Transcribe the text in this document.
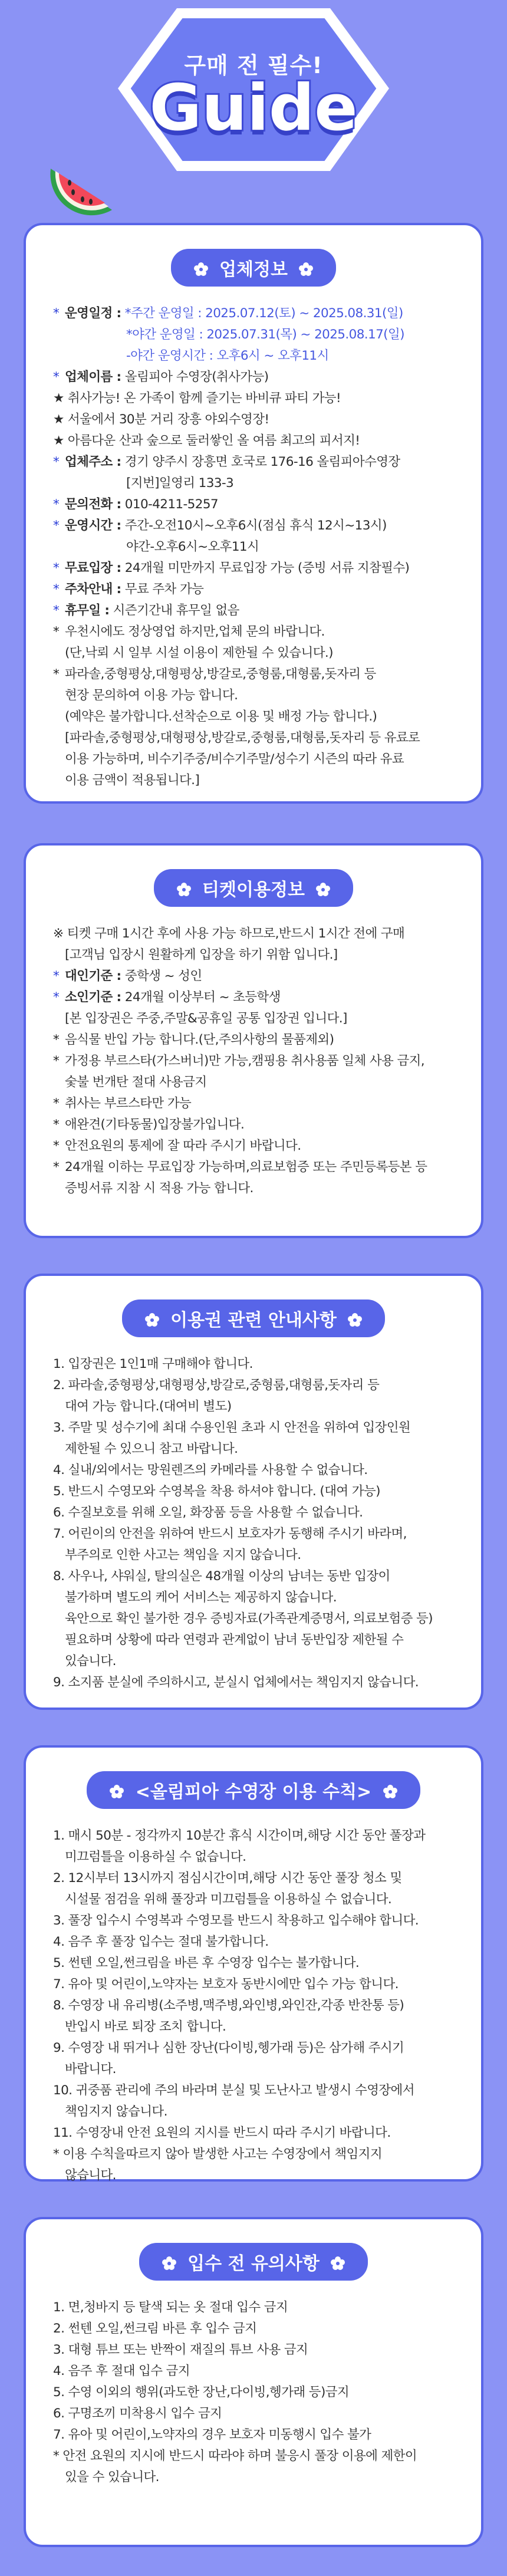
구매 전 필수!
Guide
업체정보
* 운영일정 : *주간 운영일 : 2025.07.12(토) ~ 2025.08.31(일)
*야간 운영일 : 2025.07.31(목) ~ 2025.08.17(일)
-야간 운영시간 : 오후6시 ~ 오후11시
* 업체이름 : 올림피아 수영장(취사가능)
★ 취사가능! 온 가족이 함께 즐기는 바비큐 파티 가능!
★ 서울에서 30분 거리 장흥 야외수영장!
★ 아름다운 산과 숲으로 둘러쌓인 올 여름 최고의 피서지!
* 업체주소 : 경기 양주시 장흥면 호국로 176-16 올림피아수영장
[지번]일영리 133-3
* 문의전화 : 010-4211-5257
* 운영시간 : 주간-오전10시~오후6시(점심 휴식 12시~13시)
야간-오후6시~오후11시
* 무료입장 : 24개월 미만까지 무료입장 가능 (증빙 서류 지참필수)
* 주차안내 : 무료 주차 가능
* 휴무일 : 시즌기간내 휴무일 없음
* 우천시에도 정상영업 하지만,업체 문의 바랍니다.
(단,낙뢰 시 일부 시설 이용이 제한될 수 있습니다.)
* 파라솔,중형평상,대형평상,방갈로,중형룸,대형룸,돗자리 등
현장 문의하여 이용 가능 합니다.
(예약은 불가합니다.선착순으로 이용 및 배정 가능 합니다.)
[파라솔,중형평상,대형평상,방갈로,중형룸,대형룸,돗자리 등 유료로
이용 가능하며, 비수기주중/비수기주말/성수기 시즌의 따라 유료
이용 금액이 적용됩니다.]
티켓이용정보
※ 티켓 구매 1시간 후에 사용 가능 하므로,반드시 1시간 전에 구매
[고객님 입장시 원활하게 입장을 하기 위함 입니다.]
* 대인기준 : 중학생 ~ 성인
* 소인기준 : 24개월 이상부터 ~ 초등학생
[본 입장권은 주중,주말&공휴일 공통 입장권 입니다.]
* 음식물 반입 가능 합니다.(단,주의사항의 물품제외)
* 가정용 부르스타(가스버너)만 가능,캠핑용 취사용품 일체 사용 금지,
숯불 번개탄 절대 사용금지
* 취사는 부르스타만 가능
* 애완견(기타동물)입장불가입니다.
* 안전요원의 통제에 잘 따라 주시기 바랍니다.
* 24개월 이하는 무료입장 가능하며,의료보험증 또는 주민등록등본 등
증빙서류 지참 시 적용 가능 합니다.
이용권 관련 안내사항
1. 입장권은 1인1매 구매해야 합니다.
2. 파라솔,중형평상,대형평상,방갈로,중형룸,대형룸,돗자리 등
대여 가능 합니다.(대여비 별도)
3. 주말 및 성수기에 최대 수용인원 초과 시 안전을 위하여 입장인원
제한될 수 있으니 참고 바랍니다.
4. 실내/외에서는 망원렌즈의 카메라를 사용할 수 없습니다.
5. 반드시 수영모와 수영복을 착용 하셔야 합니다. (대여 가능)
6. 수질보호를 위해 오일, 화장품 등을 사용할 수 없습니다.
7. 어린이의 안전을 위하여 반드시 보호자가 동행해 주시기 바라며,
부주의로 인한 사고는 책임을 지지 않습니다.
8. 사우나, 샤워실, 탈의실은 48개월 이상의 남녀는 동반 입장이
불가하며 별도의 케어 서비스는 제공하지 않습니다.
육안으로 확인 불가한 경우 증빙자료(가족관계증명서, 의료보험증 등)
필요하며 상황에 따라 연령과 관계없이 남녀 동반입장 제한될 수
있습니다.
9. 소지품 분실에 주의하시고, 분실시 업체에서는 책임지지 않습니다.
<올림피아 수영장 이용 수칙>
1. 매시 50분 - 정각까지 10분간 휴식 시간이며,해당 시간 동안 풀장과
미끄럼틀을 이용하실 수 없습니다.
2. 12시부터 13시까지 점심시간이며,해당 시간 동안 풀장 청소 및
시설물 점검을 위해 풀장과 미끄럼틀을 이용하실 수 없습니다.
3. 풀장 입수시 수영복과 수영모를 반드시 착용하고 입수해야 합니다.
4. 음주 후 풀장 입수는 절대 불가합니다.
5. 썬텐 오일,썬크림을 바른 후 수영장 입수는 불가합니다.
7. 유아 및 어린이,노약자는 보호자 동반시에만 입수 가능 합니다.
8. 수영장 내 유리병(소주병,맥주병,와인병,와인잔,각종 반찬통 등)
반입시 바로 퇴장 조치 합니다.
9. 수영장 내 뛰거나 심한 장난(다이빙,헹가래 등)은 삼가해 주시기
바랍니다.
10. 귀중품 관리에 주의 바라며 분실 및 도난사고 발생시 수영장에서
책임지지 않습니다.
11. 수영장내 안전 요원의 지시를 반드시 따라 주시기 바랍니다.
* 이용 수칙을따르지 않아 발생한 사고는 수영장에서 책임지지
않습니다.
입수 전 유의사항
1. 면,청바지 등 탈색 되는 옷 절대 입수 금지
2. 썬텐 오일,썬크림 바른 후 입수 금지
3. 대형 튜브 또는 반짝이 재질의 튜브 사용 금지
4. 음주 후 절대 입수 금지
5. 수영 이외의 행위(과도한 장난,다이빙,헹가래 등)금지
6. 구명조끼 미착용시 입수 금지
7. 유아 및 어린이,노약자의 경우 보호자 미동행시 입수 불가
* 안전 요원의 지시에 반드시 따라야 하며 불응시 풀장 이용에 제한이
있을 수 있습니다.
